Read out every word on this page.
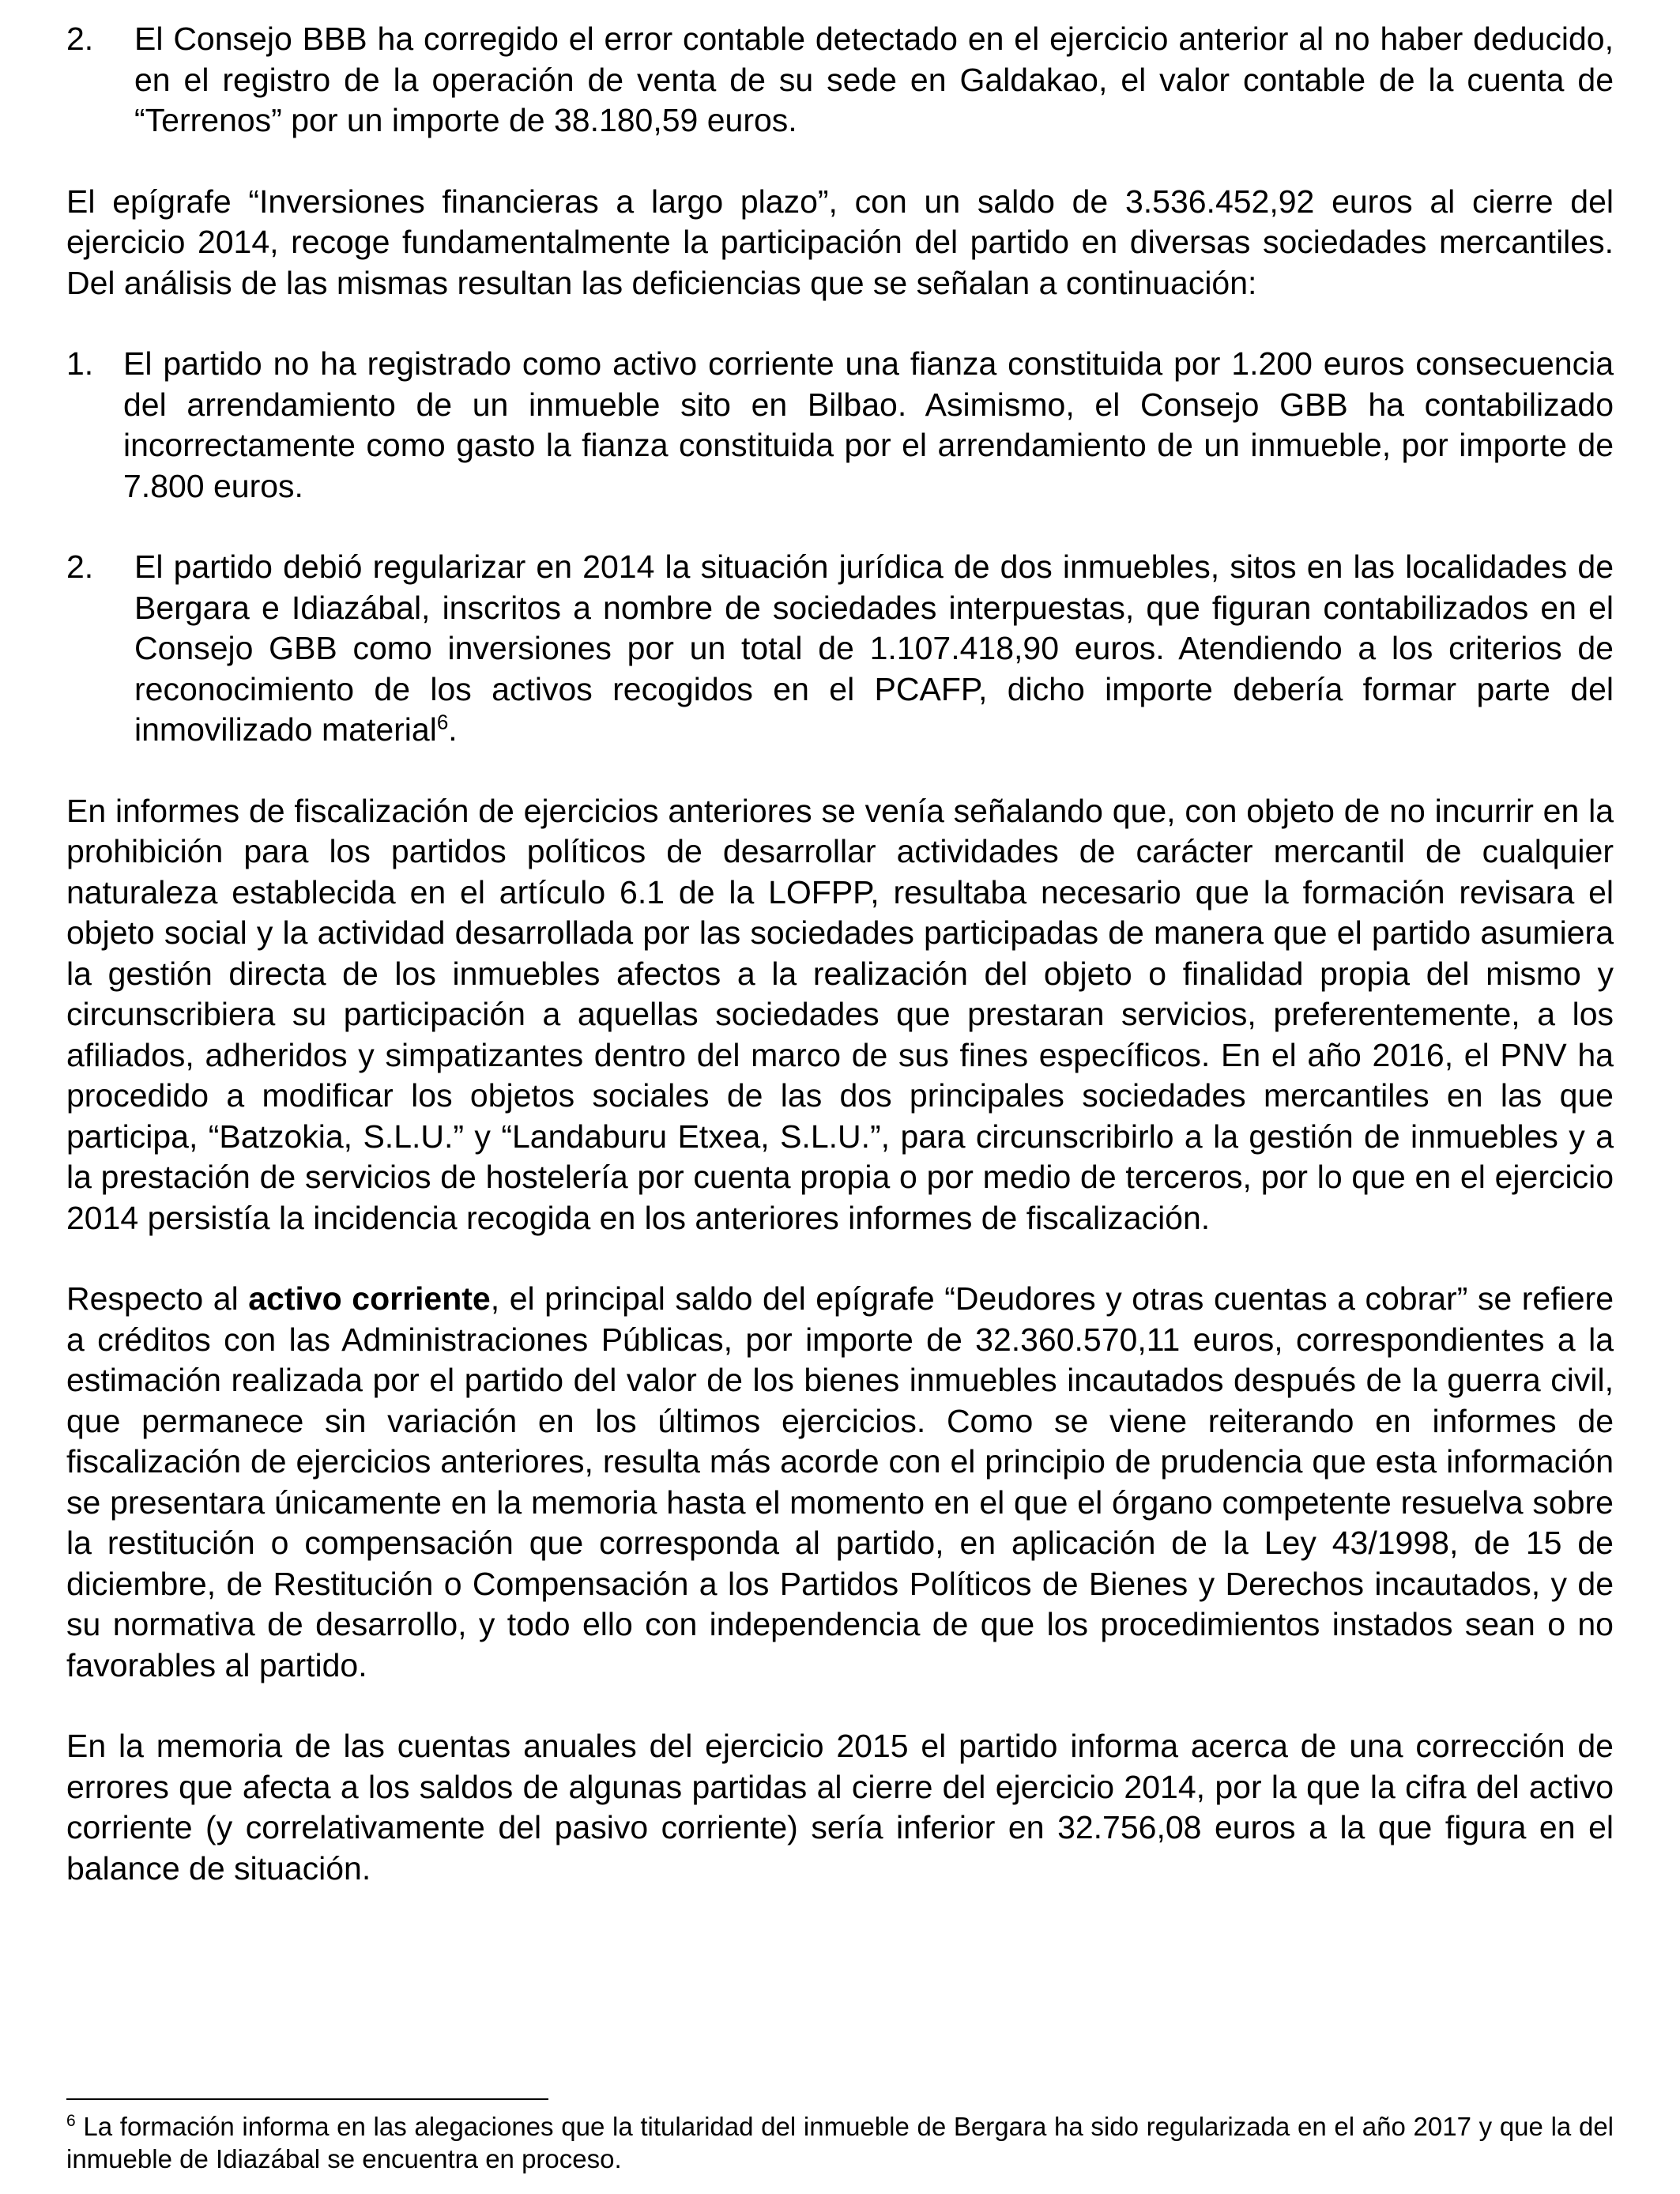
2.	El Consejo BBB ha corregido el error contable detectado en el ejercicio anterior al no haber deducido, en el registro de la operación de venta de su sede en Galdakao, el valor contable de la cuenta de “Terrenos” por un importe de 38.180,59 euros.

El epígrafe “Inversiones financieras a largo plazo”, con un saldo de 3.536.452,92 euros al cierre del ejercicio 2014, recoge fundamentalmente la participación del partido en diversas sociedades mercantiles. Del análisis de las mismas resultan las deficiencias que se señalan a continuación:

1. El partido no ha registrado como activo corriente una fianza constituida por 1.200 euros consecuencia del arrendamiento de un inmueble sito en Bilbao. Asimismo, el Consejo GBB ha contabilizado incorrectamente como gasto la fianza constituida por el arrendamiento de un inmueble, por importe de 7.800 euros.
2.	El partido debió regularizar en 2014 la situación jurídica de dos inmuebles, sitos en las localidades de Bergara e Idiazábal, inscritos a nombre de sociedades interpuestas, que figuran contabilizados en el Consejo GBB como inversiones por un total de 1.107.418,90 euros. Atendiendo a los criterios de reconocimiento de los activos recogidos en el PCAFP, dicho importe debería formar parte del inmovilizado material$^6$.

En informes de fiscalización de ejercicios anteriores se venía señalando que, con objeto de no incurrir en la prohibición para los partidos políticos de desarrollar actividades de carácter mercantil de cualquier naturaleza establecida en el artículo 6.1 de la LOFPP, resultaba necesario que la formación revisara el objeto social y la actividad desarrollada por las sociedades participadas de manera que el partido asumiera la gestión directa de los inmuebles afectos a la realización del objeto o finalidad propia del mismo y circunscribiera su participación a aquellas sociedades que prestaran servicios, preferentemente, a los afiliados, adheridos y simpatizantes dentro del marco de sus fines específicos. En el año 2016, el PNV ha procedido a modificar los objetos sociales de las dos principales sociedades mercantiles en las que participa, “Batzokia, S.L.U.” y “Landaburu Etxea, S.L.U.”, para circunscribirlo a la gestión de inmuebles y a la prestación de servicios de hostelería por cuenta propia o por medio de terceros, por lo que en el ejercicio 2014 persistía la incidencia recogida en los anteriores informes de fiscalización.

Respecto al activo corriente, el principal saldo del epígrafe “Deudores y otras cuentas a cobrar” se refiere a créditos con las Administraciones Públicas, por importe de 32.360.570,11 euros, correspondientes a la estimación realizada por el partido del valor de los bienes inmuebles incautados después de la guerra civil, que permanece sin variación en los últimos ejercicios. Como se viene reiterando en informes de fiscalización de ejercicios anteriores, resulta más acorde con el principio de prudencia que esta información se presentara únicamente en la memoria hasta el momento en el que el órgano competente resuelva sobre la restitución o compensación que corresponda al partido, en aplicación de la Ley 43/1998, de 15 de diciembre, de Restitución o Compensación a los Partidos Políticos de Bienes y Derechos incautados, y de su normativa de desarrollo, y todo ello con independencia de que los procedimientos instados sean o no favorables al partido.

En la memoria de las cuentas anuales del ejercicio 2015 el partido informa acerca de una corrección de errores que afecta a los saldos de algunas partidas al cierre del ejercicio 2014, por la que la cifra del activo corriente (y correlativamente del pasivo corriente) sería inferior en 32.756,08 euros a la que figura en el balance de situación.

$^6$ La formación informa en las alegaciones que la titularidad del inmueble de Bergara ha sido regularizada en el año 2017 y que la del inmueble de Idiazábal se encuentra en proceso.
